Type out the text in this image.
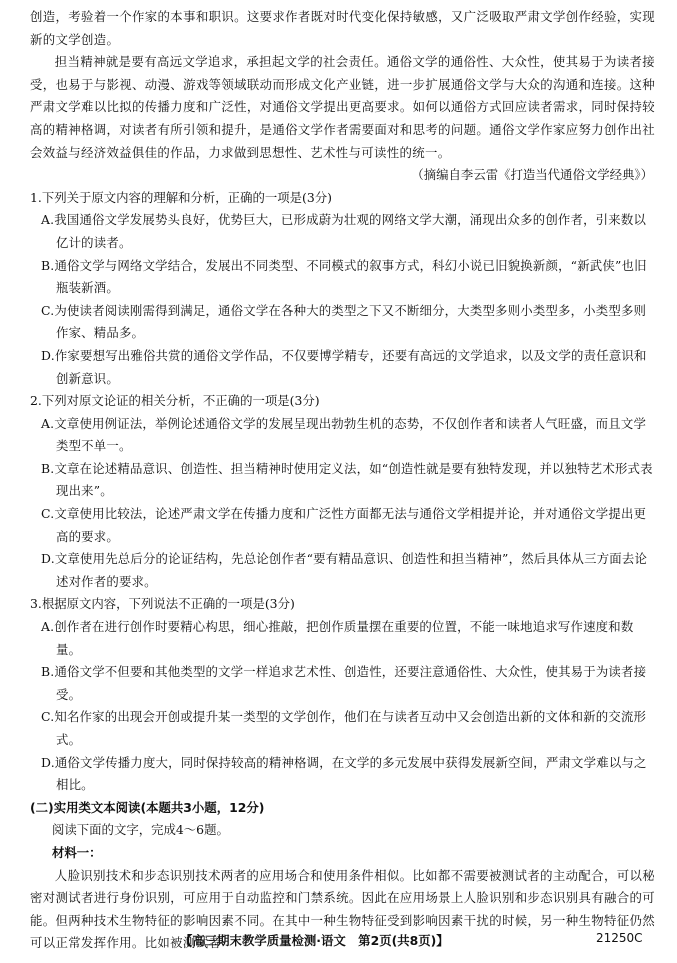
创造，考验着一个作家的本事和职识。这要求作者既对时代变化保持敏感，又广泛吸取严肃文学创作经验，实现新的文学创造。

担当精神就是要有高远文学追求，承担起文学的社会责任。通俗文学的通俗性、大众性，使其易于为读者接受，也易于与影视、动漫、游戏等领域联动而形成文化产业链，进一步扩展通俗文学与大众的沟通和连接。这种严肃文学难以比拟的传播力度和广泛性，对通俗文学提出更高要求。如何以通俗方式回应读者需求，同时保持较高的精神格调，对读者有所引领和提升，是通俗文学作者需要面对和思考的问题。通俗文学作家应努力创作出社会效益与经济效益俱佳的作品，力求做到思想性、艺术性与可读性的统一。

（摘编自李云雷《打造当代通俗文学经典》）

1.下列关于原文内容的理解和分析，正确的一项是(3分)

A.我国通俗文学发展势头良好，优势巨大，已形成蔚为壮观的网络文学大潮，涌现出众多的创作者，引来数以亿计的读者。

B.通俗文学与网络文学结合，发展出不同类型、不同模式的叙事方式，科幻小说已旧貌换新颜，“新武侠”也旧瓶装新酒。

C.为使读者阅读刚需得到满足，通俗文学在各种大的类型之下又不断细分，大类型多则小类型多，小类型多则作家、精品多。

D.作家要想写出雅俗共赏的通俗文学作品，不仅要博学精专，还要有高远的文学追求，以及文学的责任意识和创新意识。

2.下列对原文论证的相关分析，不正确的一项是(3分)

A.文章使用例证法，举例论述通俗文学的发展呈现出勃勃生机的态势，不仅创作者和读者人气旺盛，而且文学类型不单一。

B.文章在论述精品意识、创造性、担当精神时使用定义法，如“创造性就是要有独特发现，并以独特艺术形式表现出来”。

C.文章使用比较法，论述严肃文学在传播力度和广泛性方面都无法与通俗文学相提并论，并对通俗文学提出更高的要求。

D.文章使用先总后分的论证结构，先总论创作者“要有精品意识、创造性和担当精神”，然后具体从三方面去论述对作者的要求。

3.根据原文内容，下列说法不正确的一项是(3分)

A.创作者在进行创作时要精心构思，细心推敲，把创作质量摆在重要的位置，不能一味地追求写作速度和数量。

B.通俗文学不但要和其他类型的文学一样追求艺术性、创造性，还要注意通俗性、大众性，使其易于为读者接受。

C.知名作家的出现会开创或提升某一类型的文学创作，他们在与读者互动中又会创造出新的文体和新的交流形式。

D.通俗文学传播力度大，同时保持较高的精神格调，在文学的多元发展中获得发展新空间，严肃文学难以与之相比。

(二)实用类文本阅读(本题共3小题，12分)

阅读下面的文字，完成4～6题。

材料一：

人脸识别技术和步态识别技术两者的应用场合和使用条件相似。比如都不需要被测试者的主动配合，可以秘密对测试者进行身份识别，可应用于自动监控和门禁系统。因此在应用场景上人脸识别和步态识别具有融合的可能。但两种技术生物特征的影响因素不同。在其中一种生物特征受到影响因素干扰的时候，另一种生物特征仍然可以正常发挥作用。比如被测试者

【高三期末教学质量检测·语文　第2页(共8页)】	21250C
